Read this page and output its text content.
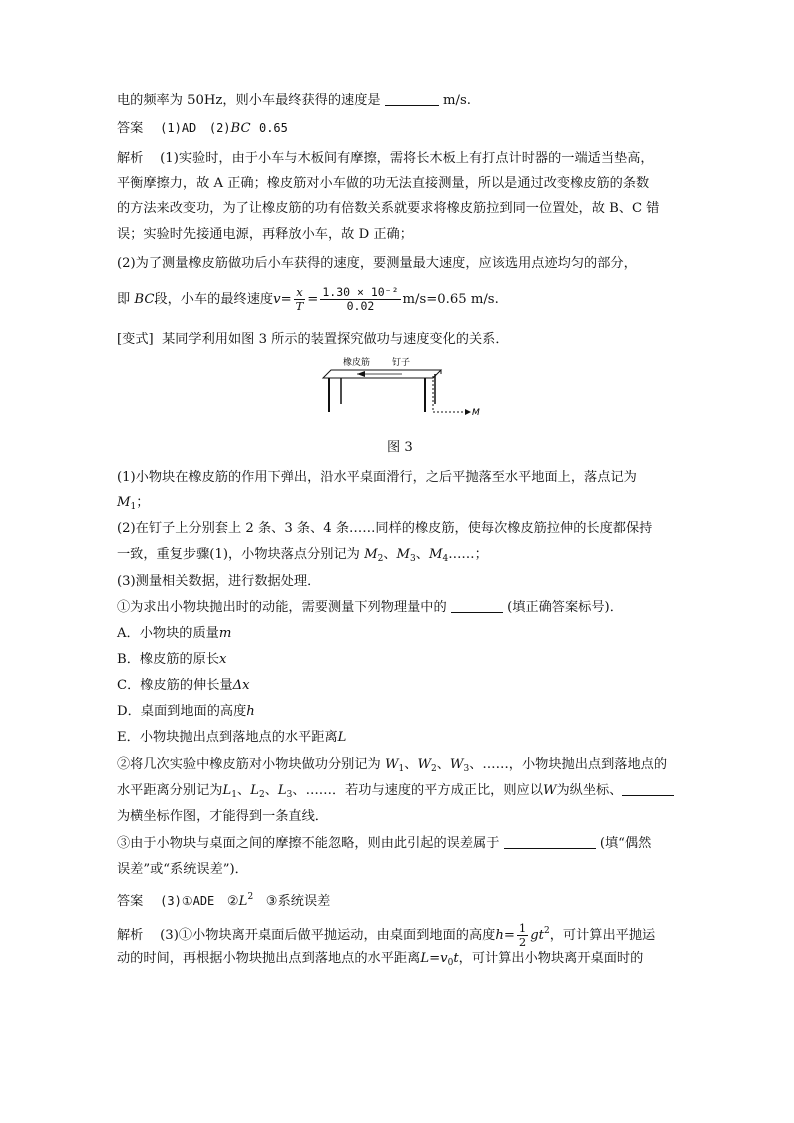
电的频率为 50Hz，则小车最终获得的速度是	m/s.
答案 (1)AD (2)BC 0.65
解析 (1)实验时，由于小车与木板间有摩擦，需将长木板上有打点计时器的一端适当垫高，
平衡摩擦力，故 A 正确；橡皮筋对小车做的功无法直接测量，所以是通过改变橡皮筋的条数
的方法来改变功，为了让橡皮筋的功有倍数关系就要求将橡皮筋拉到同一位置处，故 B、C 错
误；实验时先接通电源，再释放小车，故 D 正确；
(2)为了测量橡皮筋做功后小车获得的速度，要测量最大速度，应该选用点迹均匀的部分，
即 BC段，小车的最终速度$v= \frac{x}{T} = \frac{\text{1.30 × 10⁻²}}{0.02} m/s=0.65$ m/s.
[变式] 某同学利用如图 3 所示的装置探究做功与速度变化的关系．
橡皮筋 钉子
M
图 3
(1)小物块在橡皮筋的作用下弹出，沿水平桌面滑行，之后平抛落至水平地面上，落点记为
$M_1$；
(2)在钉子上分别套上 2 条、3 条、4 条……同样的橡皮筋，使每次橡皮筋拉伸的长度都保持
一致，重复步骤(1)，小物块落点分别记为 $M_2$、$M_3$、$M_4\dots\dots$；
(3)测量相关数据，进行数据处理．
①为求出小物块抛出时的动能，需要测量下列物理量中的	(填正确答案标号)．
A．小物块的质量m
B．橡皮筋的原长x
C．橡皮筋的伸长量Δx
D．桌面到地面的高度h
E．小物块抛出点到落地点的水平距离L
②将几次实验中橡皮筋对小物块做功分别记为 $W_1$、$W_2$、$W_3$、……，小物块抛出点到落地点的
水平距离分别记为$L_1$、$L_2$、$L_3$、……．若功与速度的平方成正比，则应以W为纵坐标、
为横坐标作图，才能得到一条直线．
③由于小物块与桌面之间的摩擦不能忽略，则由此引起的误差属于	(填“偶然
误差”或“系统误差”)．
答案 (3)①ADE $②L^2$ ③系统误差
解析 (3)①小物块离开桌面后做平抛运动，由桌面到地面的高度$h= \frac{1}{2} gt^2$，可计算出平抛运
动的时间，再根据小物块抛出点到落地点的水平距离$L=v_0t$，可计算出小物块离开桌面时的
